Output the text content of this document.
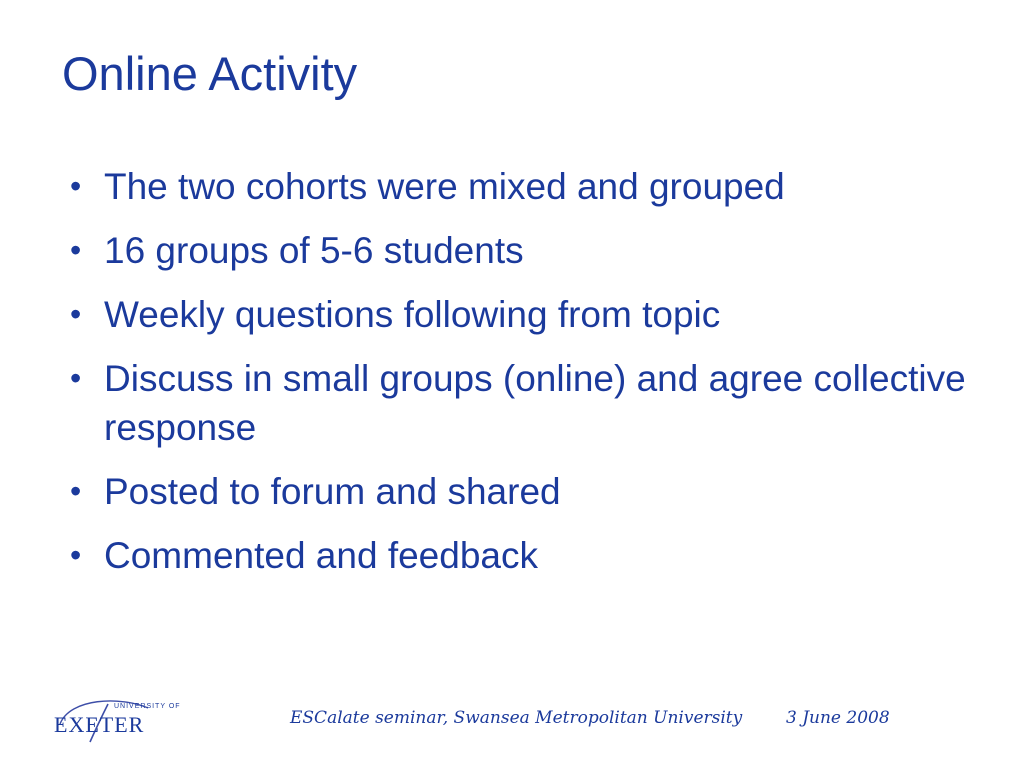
Online Activity
• The two cohorts were mixed and grouped
• 16 groups of 5-6 students
• Weekly questions following from topic
• Discuss in small groups (online) and agree collective response
• Posted to forum and shared
• Commented and feedback
UNIVERSITY OF
EXETER	ESCalate seminar, Swansea Metropolitan University	3 June 2008
